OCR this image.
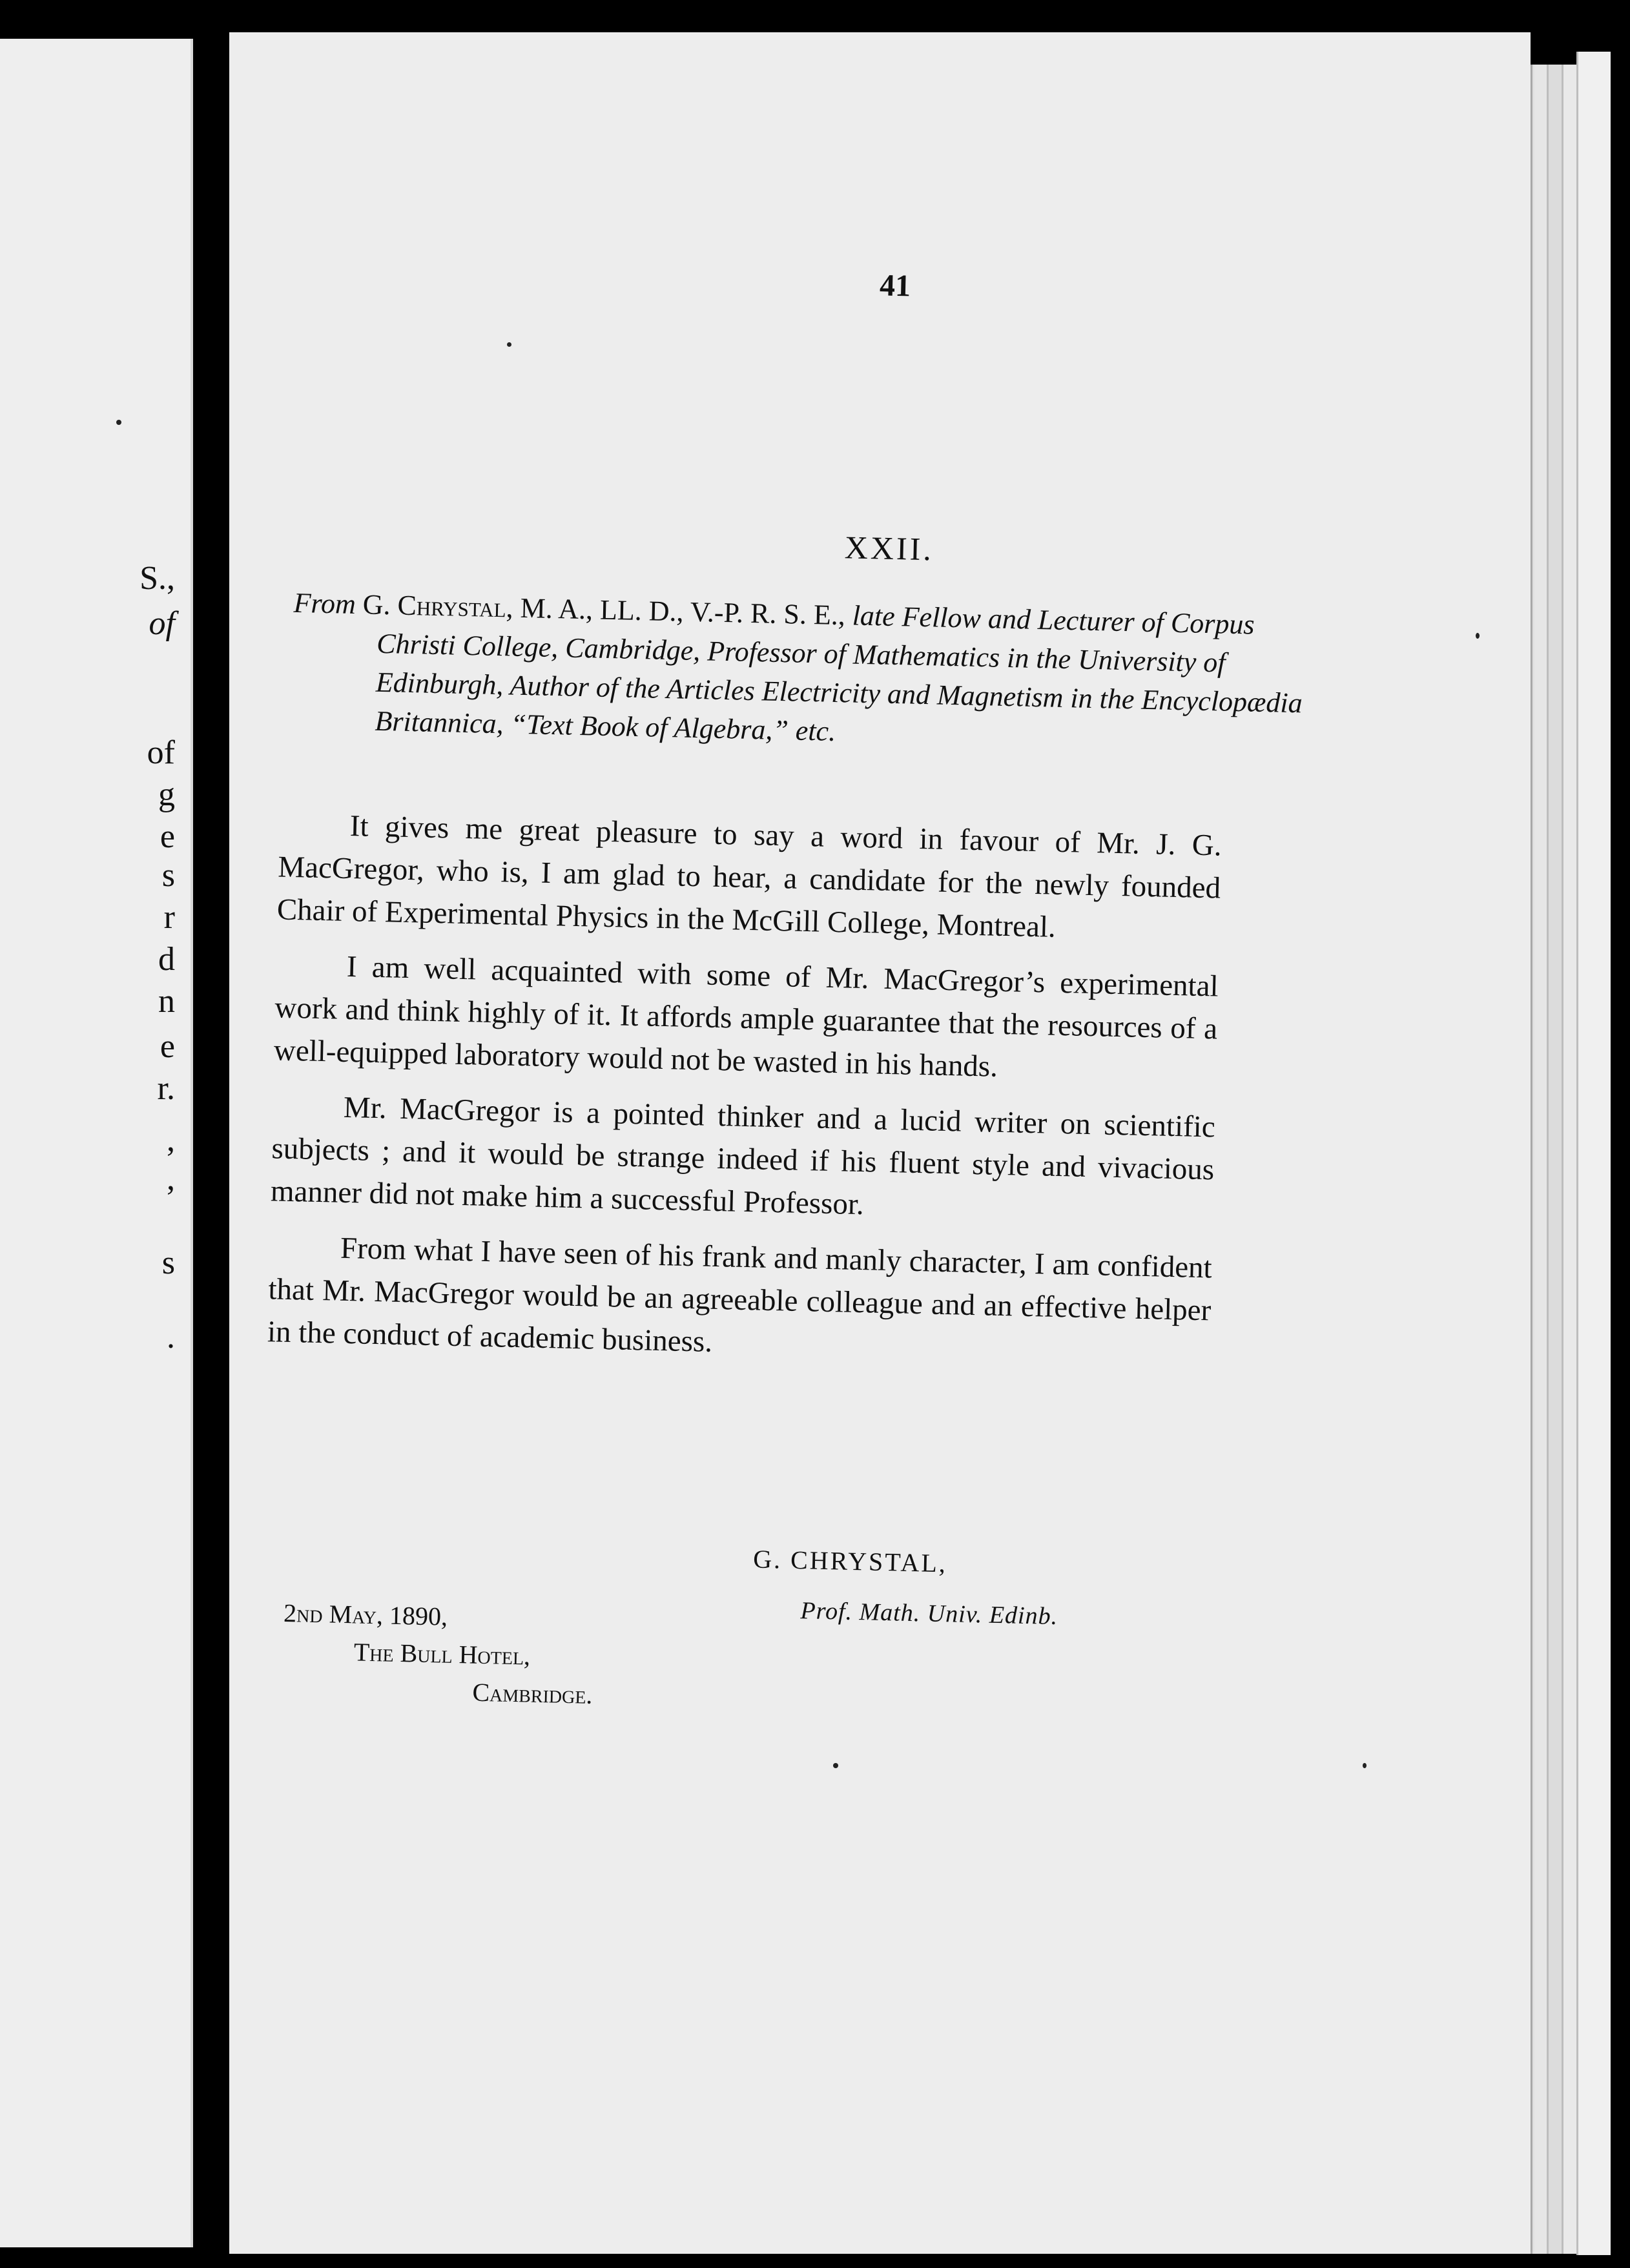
S.,
of
of
g
e
s
r
d
n
e
r.
,
,
s
.
41
XXII.
From G. Chrystal, M. A., LL. D., V.-P. R. S. E., late Fellow and Lecturer of Corpus Christi College, Cambridge, Professor of Mathematics in the University of Edinburgh, Author of the Articles Electricity and Magnetism in the Encyclopædia Britannica, “Text Book of Algebra,” etc.

It gives me great pleasure to say a word in favour of Mr. J. G. MacGregor, who is, I am glad to hear, a candidate for the newly founded Chair of Experimental Physics in the McGill College, Montreal.

I am well acquainted with some of Mr. MacGregor’s experimental work and think highly of it. It affords ample guarantee that the resources of a well-equipped laboratory would not be wasted in his hands.

Mr. MacGregor is a pointed thinker and a lucid writer on scientific subjects ; and it would be strange indeed if his fluent style and vivacious manner did not make him a successful Professor.

From what I have seen of his frank and manly character, I am confident that Mr. MacGregor would be an agreeable colleague and an effective helper in the conduct of academic business.

G. CHRYSTAL,
Prof. Math. Univ. Edinb.
2nd May, 1890,
The Bull Hotel,
Cambridge.
